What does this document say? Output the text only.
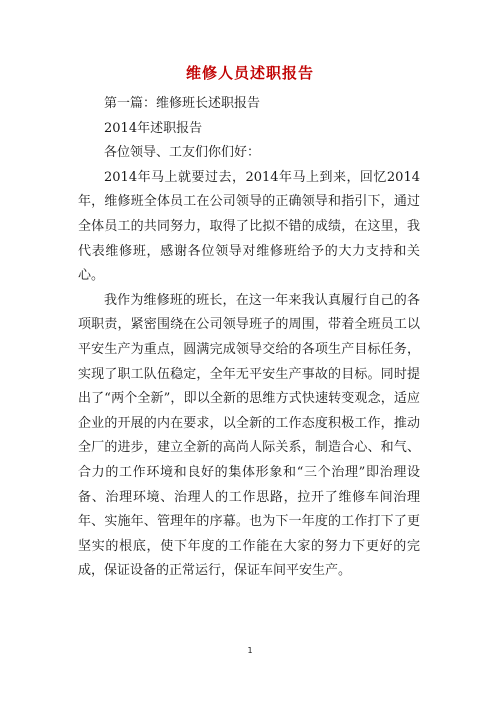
维修人员述职报告

第一篇：维修班长述职报告

2014年述职报告

各位领导、工友们你们好：

2014年马上就要过去，2014年马上到来，回忆2014年，维修班全体员工在公司领导的正确领导和指引下，通过全体员工的共同努力，取得了比拟不错的成绩，在这里，我代表维修班，感谢各位领导对维修班给予的大力支持和关心。

我作为维修班的班长，在这一年来我认真履行自己的各项职责，紧密围绕在公司领导班子的周围，带着全班员工以平安生产为重点，圆满完成领导交给的各项生产目标任务，实现了职工队伍稳定，全年无平安生产事故的目标。同时提出了“两个全新”，即以全新的思维方式快速转变观念，适应企业的开展的内在要求，以全新的工作态度积极工作，推动全厂的进步，建立全新的高尚人际关系，制造合心、和气、合力的工作环境和良好的集体形象和“三个治理”即治理设备、治理环境、治理人的工作思路，拉开了维修车间治理年、实施年、管理年的序幕。也为下一年度的工作打下了更坚实的根底，使下年度的工作能在大家的努力下更好的完成，保证设备的正常运行，保证车间平安生产。

1
